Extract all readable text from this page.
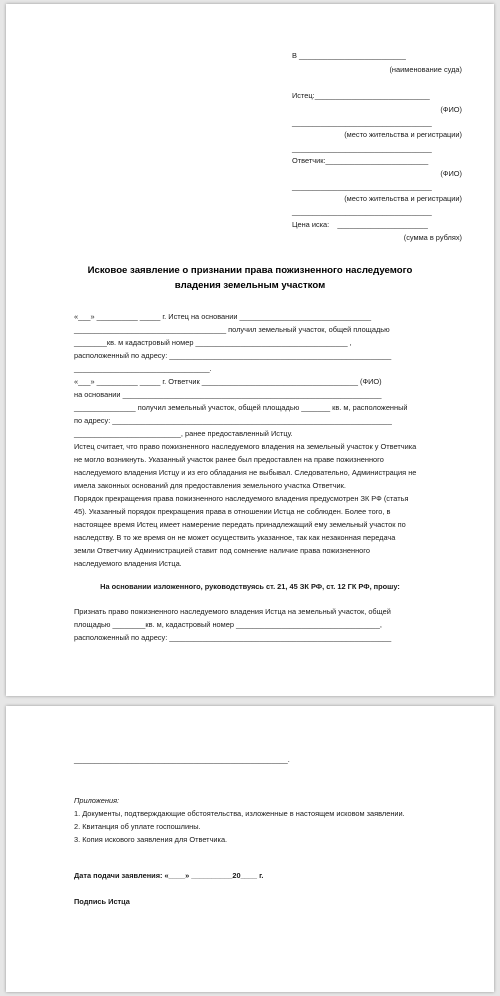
В __________________________
(наименование суда)
Истец:____________________________
(ФИО)
__________________________________
(место жительства и регистрации)
__________________________________
Ответчик:_________________________
(ФИО)
__________________________________
(место жительства и регистрации)
__________________________________
Цена иска:    ______________________
(сумма в рублях)
Исковое заявление о признании права пожизненного наследуемого
владения земельным участком
«___» __________ _____ г. Истец на основании ________________________________
_____________________________________ получил земельный участок, общей площадью
________кв. м кадастровый номер _____________________________________ ,
расположенный по адресу: ______________________________________________________
_________________________________.
«___» __________ _____ г. Ответчик ______________________________________ (ФИО)
на основании _______________________________________________________________
_______________ получил земельный участок, общей площадью _______ кв. м, расположенный
по адресу: ____________________________________________________________________
__________________________, ранее предоставленный Истцу.
Истец считает, что право пожизненного наследуемого владения на земельный участок у Ответчика
не могло возникнуть. Указанный участок ранее был предоставлен на праве пожизненного
наследуемого владения Истцу и из его обладания не выбывал. Следовательно, Администрация не
имела законных оснований для предоставления земельного участка Ответчик.
Порядок прекращения права пожизненного наследуемого владения предусмотрен ЗК РФ (статья
45). Указанный порядок прекращения права в отношении Истца не соблюден. Более того, в
настоящее время Истец имеет намерение передать принадлежащий ему земельный участок по
наследству. В то же время он не может осуществить указанное, так как незаконная передача
земли Ответчику Администрацией ставит под сомнение наличие права пожизненного
наследуемого владения Истца.
На основании изложенного, руководствуясь ст. 21, 45 ЗК РФ, ст. 12 ГК РФ, прошу:
Признать право пожизненного наследуемого владения Истца на земельный участок, общей
площадью ________кв. м, кадастровый номер ___________________________________,
расположенный по адресу: ______________________________________________________
____________________________________________________.
Приложения:
1. Документы, подтверждающие обстоятельства, изложенные в настоящем исковом заявлении.
2. Квитанция об уплате госпошлины.
3. Копия искового заявления для Ответчика.
Дата подачи заявления: «____» __________20____ г.
Подпись Истца
